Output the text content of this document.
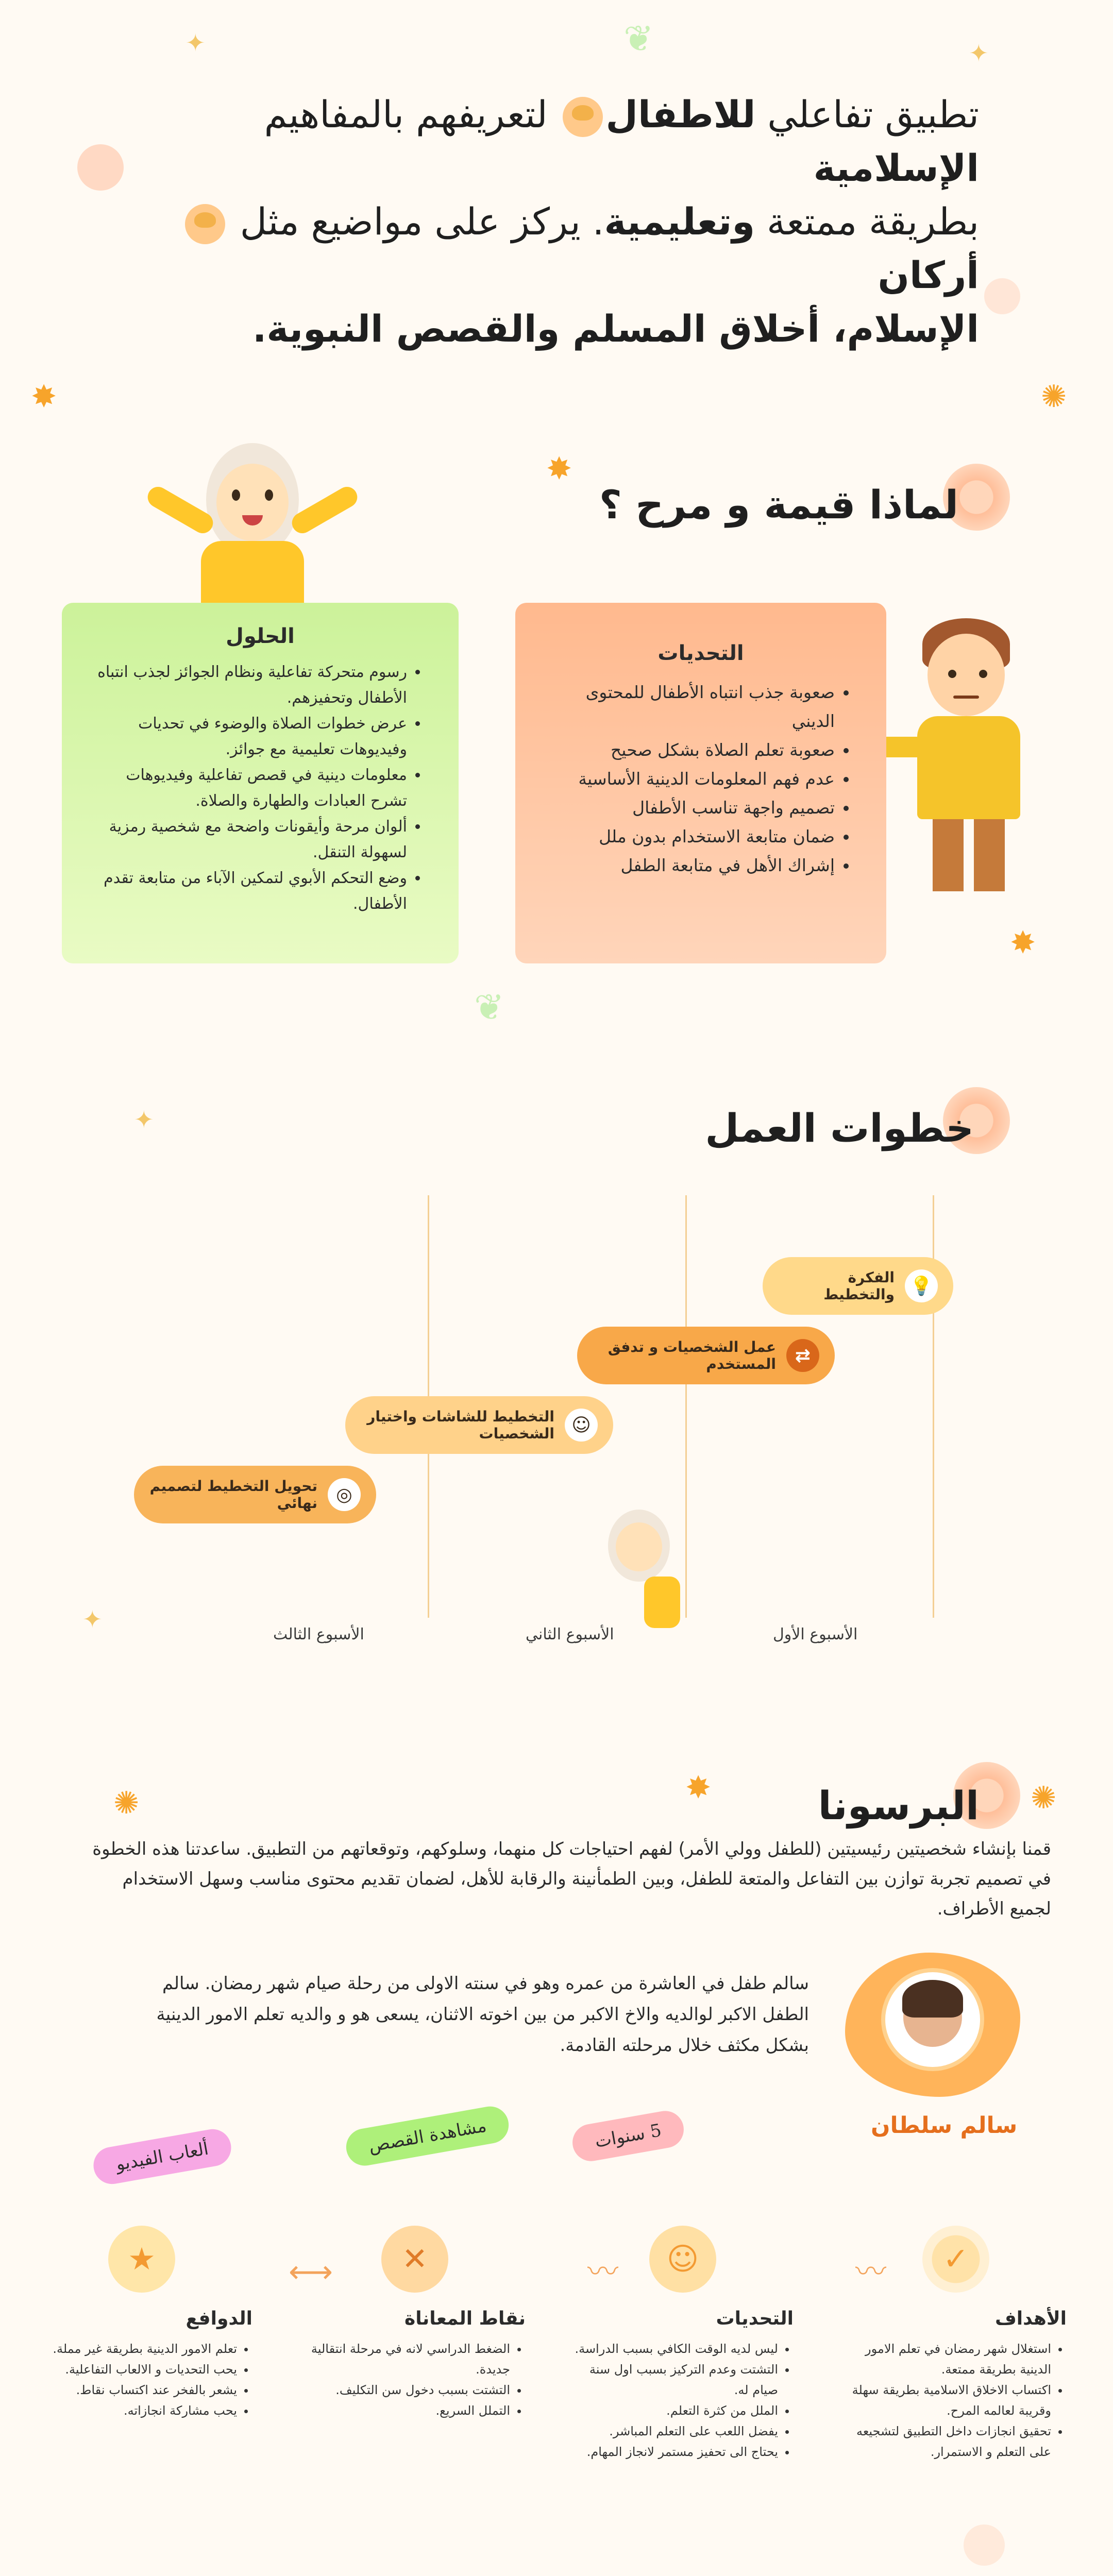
✦	✦
❦
✸
✸
✺
✸
❦
✦
✦
✺	✸	✺
تطبيق تفاعلي للاطفال لتعريفهم بالمفاهيم الإسلامية
بطريقة ممتعة وتعليمية. يركز على مواضيع مثل أركان
الإسلام، أخلاق المسلم والقصص النبوية.
لماذا قيمة و مرح ؟
التحديات
• صعوبة جذب انتباه الأطفال للمحتوى الديني
• صعوبة تعلم الصلاة بشكل صحيح
• عدم فهم المعلومات الدينية الأساسية
• تصميم واجهة تناسب الأطفال
• ضمان متابعة الاستخدام بدون ملل
• إشراك الأهل في متابعة الطفل
الحلول
• رسوم متحركة تفاعلية ونظام الجوائز لجذب انتباه الأطفال وتحفيزهم.
• عرض خطوات الصلاة والوضوء في تحديات وفيديوهات تعليمية مع جوائز.
• معلومات دينية في قصص تفاعلية وفيديوهات تشرح العبادات والطهارة والصلاة.
• ألوان مرحة وأيقونات واضحة مع شخصية رمزية لسهولة التنقل.
• وضع التحكم الأبوي لتمكين الآباء من متابعة تقدم الأطفال.
خطوات العمل
💡
الفكرة والتخطيط
⇄
عمل الشخصيات و تدفق المستخدم
☺
التخطيط للشاشات واختيار الشخصيات
◎
تحويل التخطيط لتصميم نهائي
الأسبوع الأول
الأسبوع الثاني
الأسبوع الثالث
البرسونا
قمنا بإنشاء شخصيتين رئيسيتين (للطفل وولي الأمر) لفهم احتياجات كل منهما، وسلوكهم، وتوقعاتهم من التطبيق. ساعدتنا هذه الخطوة في تصميم تجربة توازن بين التفاعل والمتعة للطفل، وبين الطمأنينة والرقابة للأهل، لضمان تقديم محتوى مناسب وسهل الاستخدام لجميع الأطراف.
سالم سلطان
سالم طفل في العاشرة من عمره وهو في سنته الاولى من رحلة صيام شهر رمضان. سالم الطفل الاكبر لوالديه والاخ الاكبر من بين اخوته الاثنان، يسعى هو و والديه تعلم الامور الدينية بشكل مكثف خلال مرحلته القادمة.
5 سنوات
مشاهدة القصص
ألعاب الفيديو
〰
〰
⟷	✓
الأهداف
• استغلال شهر رمضان في تعلم الامور الدينية بطريقة ممتعة.
• اكتساب الاخلاق الاسلامية بطريقة سهلة وقريبة لعالمه المرح.
• تحقيق انجازات داخل التطبيق لتشجيعه على التعلم و الاستمرار.
☺
التحديات
• ليس لديه الوقت الكافي بسبب الدراسة.
• التشتت وعدم التركيز بسبب اول سنة صيام له.
• الملل من كثرة التعلم.
• يفضل اللعب على التعلم المباشر.
• يحتاج الى تحفيز مستمر لانجاز المهام.
✕
نقاط المعاناة
• الضغط الدراسي لانه في مرحلة انتقالية جديدة.
• التشتت بسبب دخول سن التكليف.
• التملل السريع.
★
الدوافع
• تعلم الامور الدينية بطريقة غير مملة.
• يحب التحديات و الالعاب التفاعلية.
• يشعر بالفخر عند اكتساب نقاط.
• يحب مشاركة انجازاته.
